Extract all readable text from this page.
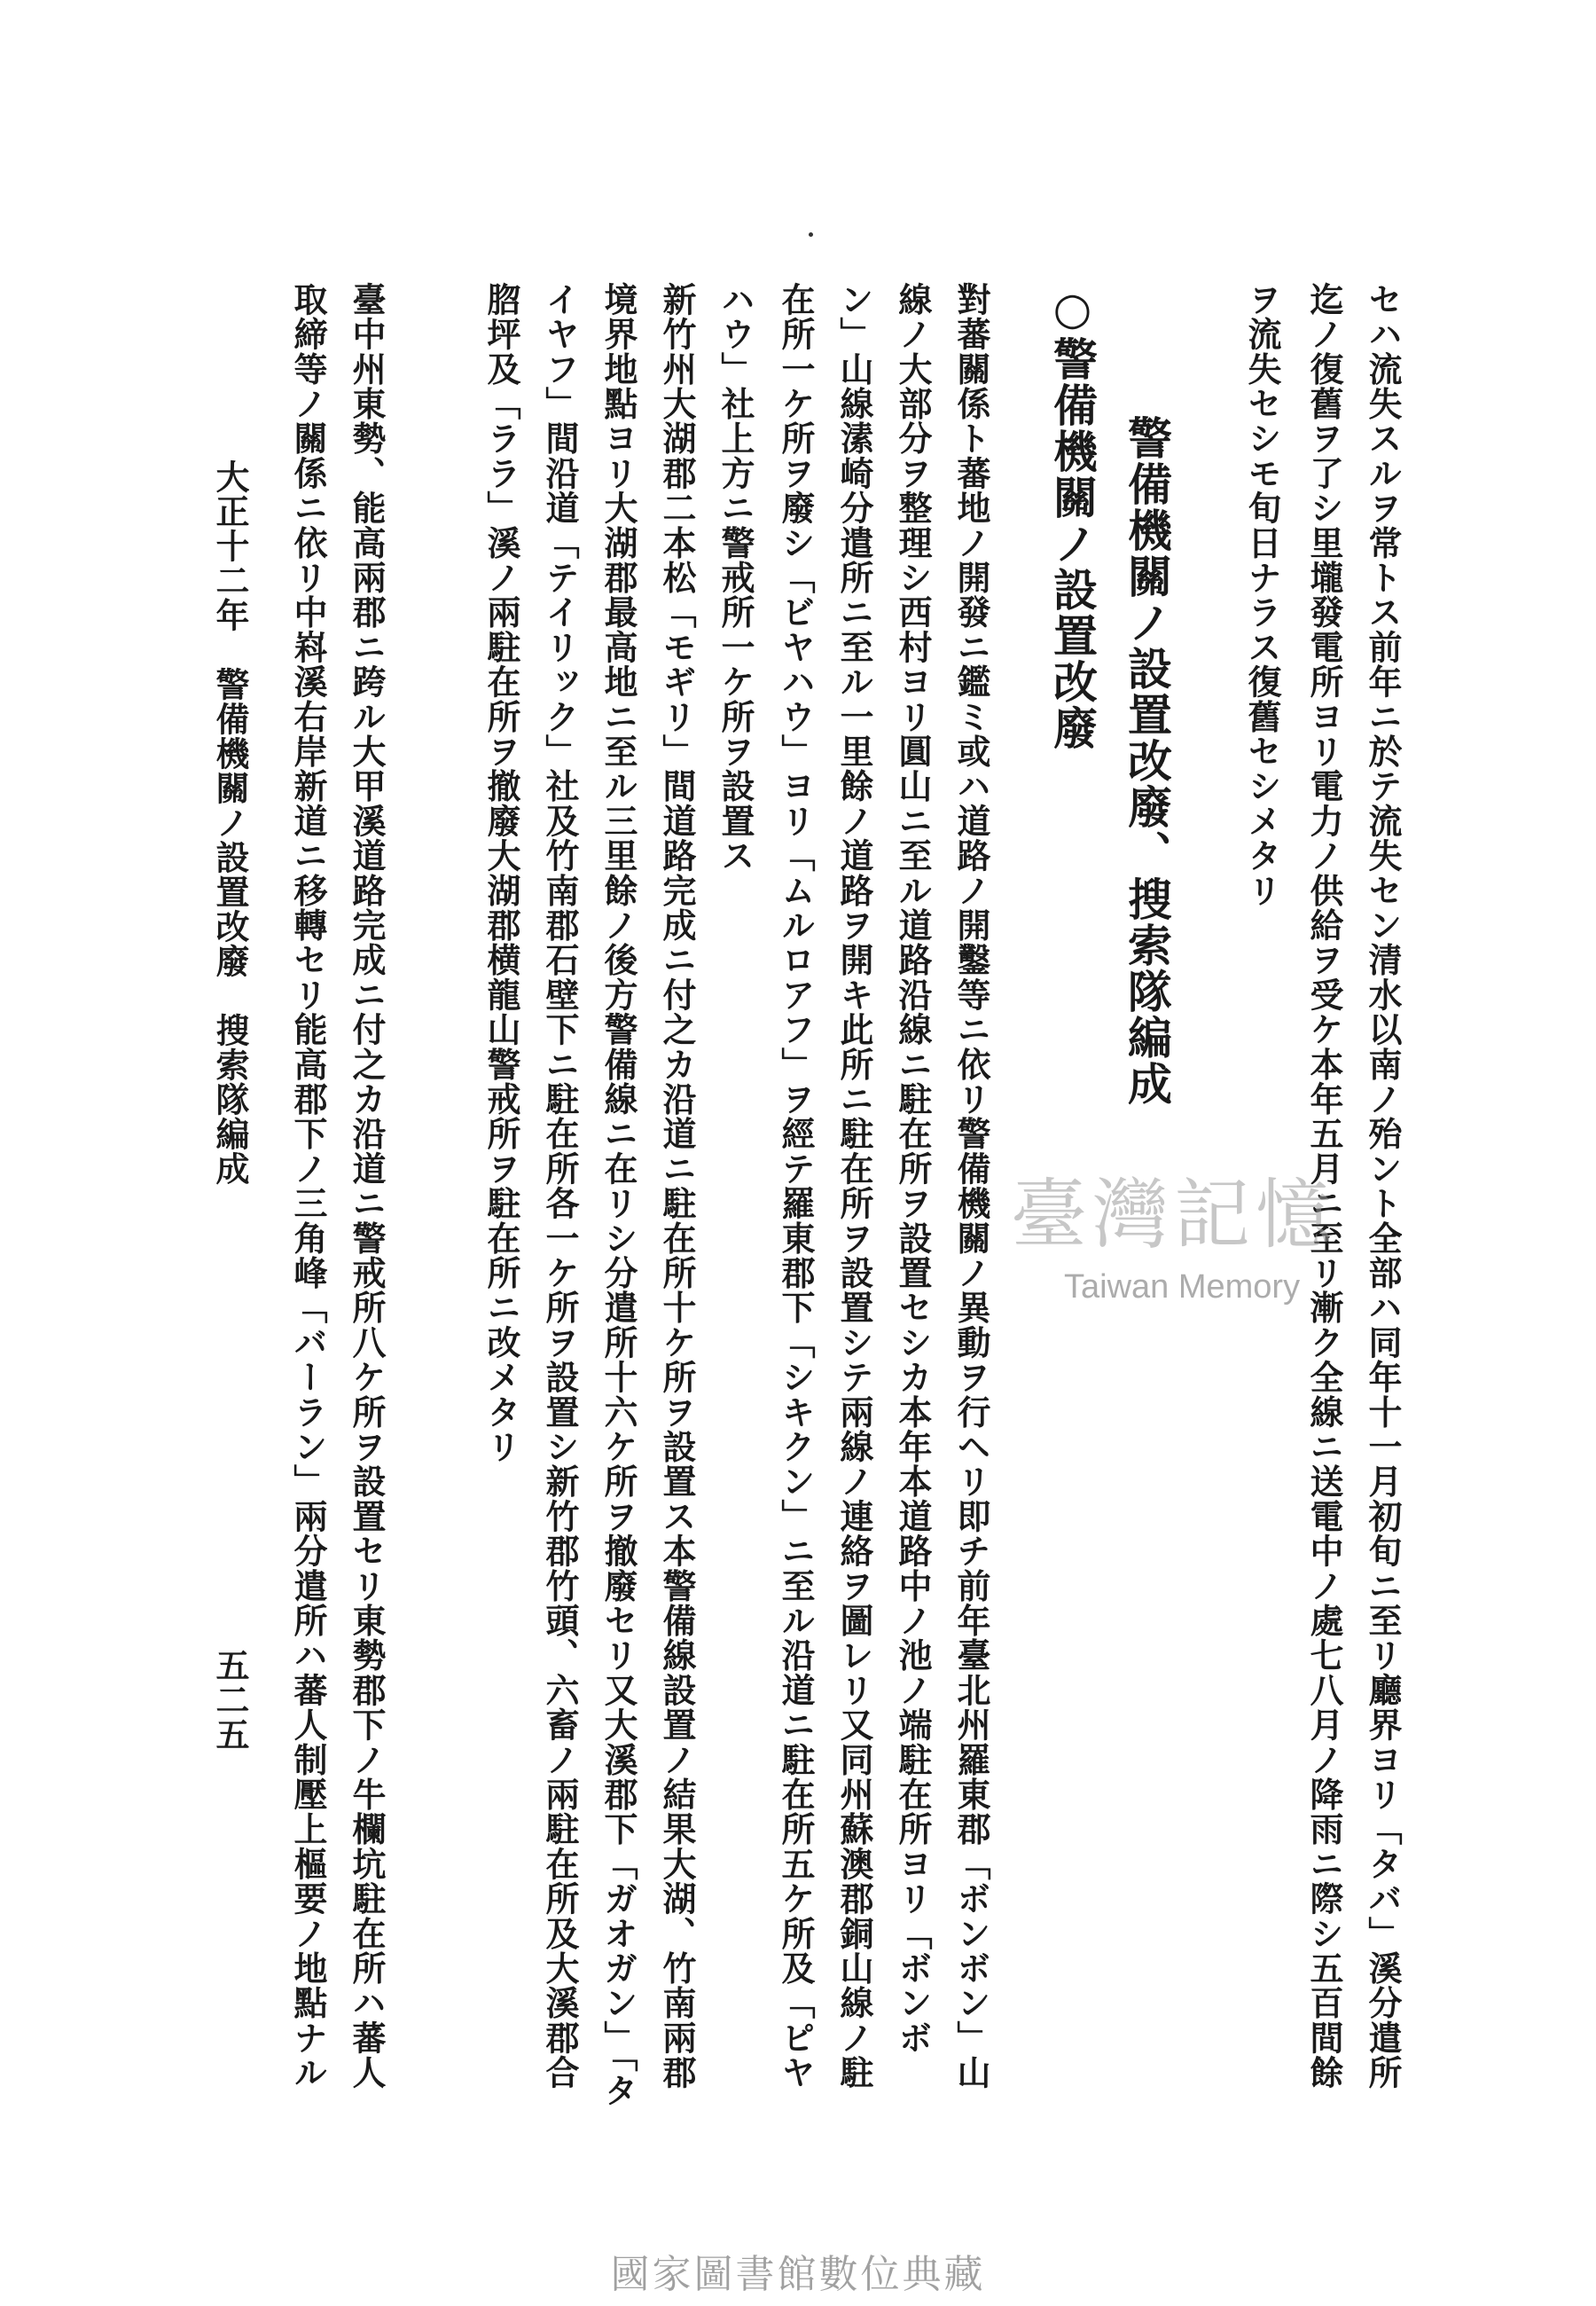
セハ流失スルヲ常トス前年ニ於テ流失セン清水以南ノ殆ント全部ハ同年十一月初旬ニ至リ廳界ヨリ「タバ」溪分遣所
迄ノ復舊ヲ了シ里壠發電所ヨリ電力ノ供給ヲ受ケ本年五月ニ至リ漸ク全線ニ送電中ノ處七八月ノ降雨ニ際シ五百間餘
ヲ流失セシモ旬日ナラス復舊セシメタリ
警備機關ノ設置改廢、搜索隊編成
○警備機關ノ設置改廢
對蕃關係ト蕃地ノ開發ニ鑑ミ或ハ道路ノ開鑿等ニ依リ警備機關ノ異動ヲ行ヘリ即チ前年臺北州羅東郡「ボンボン」山
線ノ大部分ヲ整理シ西村ヨリ圓山ニ至ル道路沿線ニ駐在所ヲ設置セシカ本年本道路中ノ池ノ端駐在所ヨリ「ボンボ
ン」山線溸崎分遣所ニ至ル一里餘ノ道路ヲ開キ此所ニ駐在所ヲ設置シテ兩線ノ連絡ヲ圖レリ又同州蘇澳郡銅山線ノ駐
在所一ケ所ヲ廢シ「ビヤハウ」ヨリ「ムルロアフ」ヲ經テ羅東郡下「シキクン」ニ至ル沿道ニ駐在所五ケ所及「ピヤ
ハウ」社上方ニ警戒所一ケ所ヲ設置ス
新竹州大湖郡二本松「モギリ」間道路完成ニ付之カ沿道ニ駐在所十ケ所ヲ設置ス本警備線設置ノ結果大湖、竹南兩郡
境界地點ヨリ大湖郡最高地ニ至ル三里餘ノ後方警備線ニ在リシ分遣所十六ケ所ヲ撤廢セリ又大溪郡下「ガオガン」「タ
イヤフ」間沿道「テイリック」社及竹南郡石壁下ニ駐在所各一ケ所ヲ設置シ新竹郡竹頭、六畜ノ兩駐在所及大溪郡合
脗坪及「ララ」溪ノ兩駐在所ヲ撤廢大湖郡横龍山警戒所ヲ駐在所ニ改メタリ
臺中州東勢、能高兩郡ニ跨ル大甲溪道路完成ニ付之カ沿道ニ警戒所八ケ所ヲ設置セリ東勢郡下ノ牛欄坑駐在所ハ蕃人
取締等ノ關係ニ依リ中嵙溪右岸新道ニ移轉セリ能高郡下ノ三角峰「バーラン」兩分遣所ハ蕃人制壓上樞要ノ地點ナル
大正十二年　警備機關ノ設置改廢　搜索隊編成
五二五
臺灣記憶
Taiwan Memory
國家圖書館數位典藏
